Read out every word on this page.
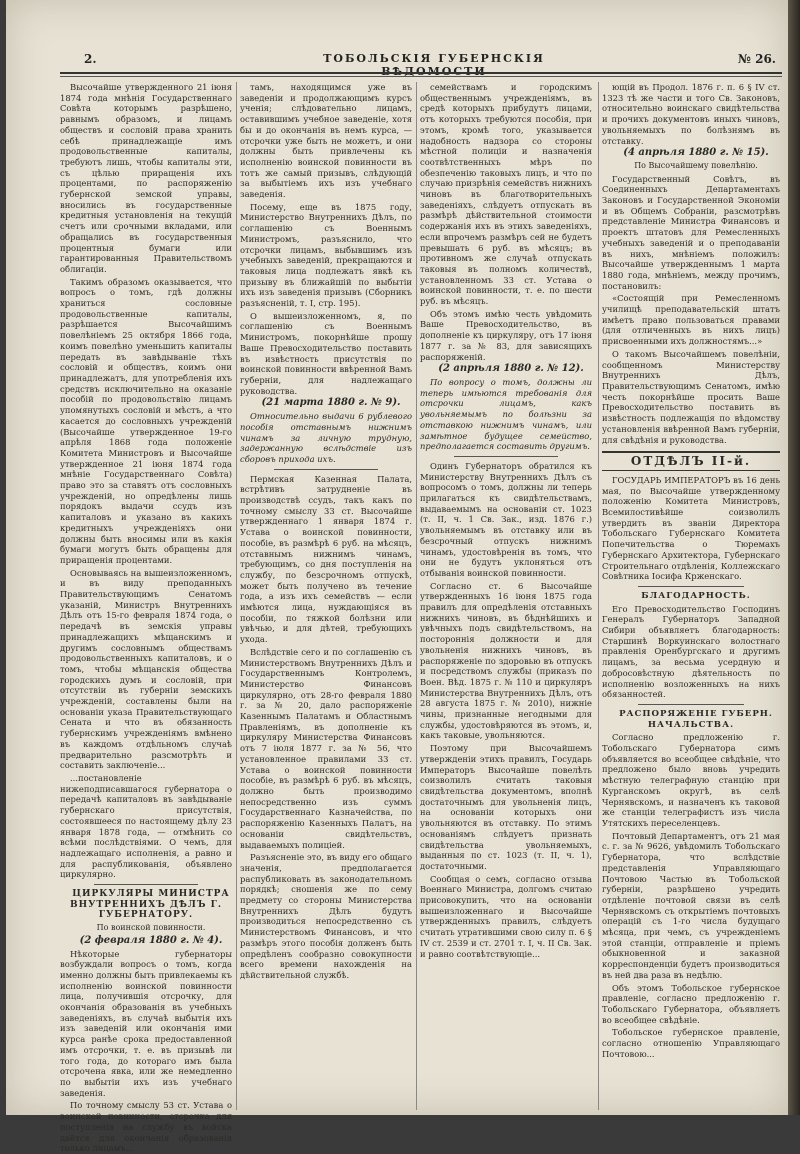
2.	ТОБОЛЬСКІЯ ГУБЕРНСКІЯ ВѢДОМОСТИ
№ 26.

Высочайше утвержденного 21 іюня 1874 года мнѣнія Государственнаго Совѣта которымъ разрѣшено, равнымъ образомъ, и лицамъ обществъ и сословій права хранить себѣ принадлежащіе имъ продовольственные капиталы, требуютъ лишь, чтобы капиталы эти, съ цѣлью приращенія ихъ процентами, по распоряженію губернской земской управы, вносились въ государственные кредитныя установленія на текущій счетъ или срочными вкладами, или обращались въ государственныя процентныя бумаги или гарантированныя Правительствомъ облигаціи.

Такимъ образомъ оказывается, что вопросъ о томъ, гдѣ должны храниться сословные продовольственные капиталы, разрѣшается Высочайшимъ повелѣніемъ 25 октября 1866 года, коимъ повелѣно уменьшить капиталы передать въ завѣдываніе тѣхъ сословій и обществъ, коимъ они принадлежатъ, для употребленія ихъ средствъ исключительно на оказаніе пособій по продовольствію лицамъ упомянутыхъ сословій и мѣстъ, а что касается до сословныхъ учрежденій (Высочайше утвержденное 19-го апрѣля 1868 года положеніе Комитета Министровъ и Высочайше утвержденное 21 іюня 1874 года мнѣніе Государственнаго Совѣта) право это за ставятъ отъ сословныхъ учрежденій, но опредѣлены лишь порядокъ выдачи ссудъ изъ капиталовъ и указано въ какихъ кредитныхъ учрежденіяхъ они должны быть вносимы или въ какія бумаги могутъ быть обращены для приращенія процентами.

Основываясь на вышеизложенномъ, и въ виду преподанныхъ Правительствующимъ Сенатомъ указаній, Министръ Внутреннихъ Дѣлъ отъ 15-го февраля 1874 года, о передачѣ въ земскія управы принадлежащихъ мѣщанскимъ и другимъ сословнымъ обществамъ продовольственныхъ капиталовъ, и о томъ, чтобы мѣщанскія общества городскихъ думъ и сословій, при отсутствіи въ губерніи земскихъ учрежденій, составлены были на основаніи указа Правительствующаго Сената и что въ обязанность губернскимъ учрежденіямъ вмѣнено въ каждомъ отдѣльномъ случаѣ предварительно разсмотрѣть и составить заключеніе...

...постановленіе нижеподписавшагося губернатора о передачѣ капиталовъ въ завѣдываніе губернскаго присутствія, состоявшееся по настоящему дѣлу 23 января 1878 года, — отмѣнить со всѣми послѣдствіями. О чемъ, для надлежащаго исполненія, а равно и для распубликованія, объявлено циркулярно.

ЦИРКУЛЯРЫ МИНИСТРА ВНУТРЕННИХЪ ДѢЛЪ Г. ГУБЕРНАТОРУ.

По воинской повинности.

(2 февраля 1880 г. № 4).

Нѣкоторые губернаторы возбуждали вопросъ о томъ, когда именно должны быть привлекаемы къ исполненію воинской повинности лица, получившія отсрочку, для окончанія образованія въ учебныхъ заведеніяхъ, въ случаѣ выбытія ихъ изъ заведеній или окончанія ими курса ранѣе срока предоставленной имъ отсрочки, т. е. въ призывѣ ли того года, до котораго имъ была отсрочена явка, или же немедленно по выбытіи ихъ изъ учебнаго заведенія.

По точному смыслу 53 ст. Устава о воинской повинности, отсрочка для поступленія на службу въ войска даётся для окончанія образованія только лицамъ...

тамъ, находящимся уже въ заведеніи и продолжающимъ курсъ ученія; слѣдовательно лицамъ, оставившимъ учебное заведеніе, хотя бы и до окончанія въ немъ курса, — отсрочки уже быть не можетъ, и они должны быть привлечены къ исполненію воинской повинности въ тотъ же самый призывъ, слѣдующій за выбытіемъ ихъ изъ учебнаго заведенія.

Посему, еще въ 1875 году, Министерство Внутреннихъ Дѣлъ, по соглашенію съ Военнымъ Министромъ, разъяснило, что отсрочки лицамъ, выбывшимъ изъ учебныхъ заведеній, прекращаются и таковыя лица подлежатъ явкѣ къ призыву въ ближайшій по выбытіи ихъ изъ заведенія призывъ (Сборникъ разъясненій, т. I, стр. 195).

О вышеизложенномъ, я, по соглашенію съ Военнымъ Министромъ, покорнѣйше прошу Ваше Превосходительство поставить въ извѣстность присутствія по воинской повинности ввѣренной Вамъ губерніи, для надлежащаго руководства.

(21 марта 1880 г. № 9).

Относительно выдачи 6 рублевого пособія отставнымъ нижнимъ чинамъ за личную трудную, задержанную вслѣдствіе изъ сборовъ прихода ихъ.

Пермская Казенная Палата, встрѣтивъ затрудненіе въ производствѣ ссудъ, такъ какъ по точному смыслу 33 ст. Высочайше утвержденнаго 1 января 1874 г. Устава о воинской повинности, пособіе, въ размѣрѣ 6 руб. на мѣсяцъ, отставнымъ нижнимъ чинамъ, требующимъ, со дня поступленія на службу, по безсрочномъ отпускѣ, может быть получено въ течение года, а изъ ихъ семействъ — если имѣются лица, нуждающіяся въ пособіи, по тяжкой болѣзни или увѣчью, и для дѣтей, требующихъ ухода.

Вслѣдствіе сего и по соглашенію съ Министерствомъ Внутреннихъ Дѣлъ и Государственнымъ Контролемъ, Министерство Финансовъ циркулярно, отъ 28-го февраля 1880 г. за № 20, дало распоряженіе Казеннымъ Палатамъ и Областнымъ Правленіямъ, въ дополненіе къ циркуляру Министерства Финансовъ отъ 7 іюля 1877 г. за № 56, что установленное правилами 33 ст. Устава о воинской повинности пособіе, въ размѣрѣ 6 руб. въ мѣсяцъ, должно быть производимо непосредственно изъ суммъ Государственнаго Казначейства, по распоряженію Казенныхъ Палатъ, на основаніи свидѣтельствъ, выдаваемыхъ полиціей.

Разъясненіе это, въ виду его общаго значенія, предполагается распубликовать въ законодательномъ порядкѣ; сношенія же по сему предмету со стороны Министерства Внутреннихъ Дѣлъ будутъ производиться непосредственно съ Министерствомъ Финансовъ, и что размѣръ этого пособія долженъ быть опредѣленъ сообразно совокупности всего времени нахожденія на дѣйствительной службѣ.

семействамъ и городскимъ общественнымъ учрежденіямъ, въ средѣ которыхъ прибудутъ лицами, отъ которыхъ требуются пособія, при этомъ, кромѣ того, указывается надобность надзора со стороны мѣстной полиціи и назначенія соотвѣтственныхъ мѣръ по обезпеченію таковыхъ лицъ, и что по случаю призрѣнія семействъ нижнихъ чиновъ въ благотворительныхъ заведеніяхъ, слѣдуетъ отпускать въ размѣрѣ дѣйствительной стоимости содержанія ихъ въ этихъ заведеніяхъ, если впрочемъ размѣръ сей не будетъ превышать 6 руб. въ мѣсяцъ; въ противномъ же случаѣ отпускать таковыя въ полномъ количествѣ, установленномъ 33 ст. Устава о воинской повинности, т. е. по шести руб. въ мѣсяцъ.

Объ этомъ имѣю честь увѣдомить Ваше Превосходительство, въ дополненіе къ циркуляру, отъ 17 іюня 1877 г. за № 83, для зависящихъ распоряженій.

(2 апрѣля 1880 г. № 12).

По вопросу о томъ, должны ли теперь имѣются требованія для отсрочки лицамъ, какъ увольняемымъ по болѣзни за отставкою нижнимъ чинамъ, или замѣтное будущее семейство, предполагается составить другимъ.

Одинъ Губернаторъ обратился къ Министерству Внутреннихъ Дѣлъ съ вопросомъ о томъ, должны ли теперь прилагаться къ свидѣтельствамъ, выдаваемымъ на основаніи ст. 1023 (т. II, ч. 1 Св. Зак., изд. 1876 г.) увольняемымъ въ отставку или въ безсрочный отпускъ нижнимъ чинамъ, удостовѣренія въ томъ, что они не будутъ уклоняться отъ отбыванія воинской повинности.

Согласно ст. 6 Высочайше утвержденныхъ 16 іюня 1875 года правилъ для опредѣленія отставныхъ нижнихъ чиновъ, въ бѣднѣйшихъ и увѣчныхъ подъ свидѣтельствомъ, на постороннія должности и для увольненія нижнихъ чиновъ, въ распоряженіе по здоровью въ отпускъ и посредствомъ службы (приказъ по Воен. Вѣд. 1875 г. № 110 и циркуляръ Министерства Внутреннихъ Дѣлъ, отъ 28 августа 1875 г. № 2010), нижніе чины, признанные негодными для службы, удостовѣряются въ этомъ, и, какъ таковые, увольняются.

Поэтому при Высочайшемъ утвержденіи этихъ правилъ, Государь Императоръ Высочайше повелѣть соизволилъ считать таковыя свидѣтельства документомъ, вполнѣ достаточнымъ для увольненія лицъ, на основаніи которыхъ они увольняются въ отставку. По этимъ основаніямъ слѣдуетъ признать свидѣтельства увольняемыхъ, выданныя по ст. 1023 (т. II, ч. 1), достаточными.

Сообщая о семъ, согласно отзыва Военнаго Министра, долгомъ считаю присовокупить, что на основаніи вышеизложеннаго и Высочайше утвержденныхъ правилъ, слѣдуетъ считать утратившими свою силу п. 6 § IV ст. 2539 и ст. 2701 т. I, ч. II Св. Зак. и равно соотвѣтствующіе...

ющій въ Продол. 1876 г. п. 6 § IV ст. 1323 тѣ же части и того Св. Законовъ, относительно воинскаго свидѣтельства и прочихъ документовъ иныхъ чиновъ, увольняемыхъ по болѣзнямъ въ отставку.

(4 апрѣля 1880 г. № 15).

По Высочайшему повелѣнію.

Государственный Совѣтъ, въ Соединенныхъ Департаментахъ Законовъ и Государственной Экономіи и въ Общемъ Собраніи, разсмотрѣвъ представленіе Министра Финансовъ и проектъ штатовъ для Ремесленныхъ учебныхъ заведеній и о преподаваніи въ нихъ, мнѣніемъ положилъ: Высочайше утвержденнымъ 1 марта 1880 года, мнѣніемъ, между прочимъ, постановилъ:

«Состоящій при Ремесленномъ училищѣ преподавательскій штатъ имѣетъ право пользоваться правами (для отличенныхъ въ нихъ лицъ) присвоенными ихъ должностямъ...»

О такомъ Высочайшемъ повелѣніи, сообщенномъ Министерству Внутреннихъ Дѣлъ, Правительствующимъ Сенатомъ, имѣю честь покорнѣйше просить Ваше Превосходительство поставить въ извѣстность подлежащія по вѣдомству установленія ввѣренной Вамъ губерніи, для свѣдѣнія и руководства.

ОТДѢЛЪ II-й.

ГОСУДАРЬ ИМПЕРАТОРЪ въ 16 день мая, по Высочайше утвержденному положенію Комитета Министровъ, Всемилостивѣйше соизволилъ утвердить въ званіи Директора Тобольскаго Губернскаго Комитета Попечительства о Тюремахъ Губернскаго Архитектора, Губернскаго Строительнаго отдѣленія, Коллежскаго Совѣтника Іосифа Крженскаго.

БЛАГОДАРНОСТЬ.

Его Превосходительство Господинъ Генералъ Губернаторъ Западной Сибири объявляетъ благодарность: Старшинѣ Воркуинскаго волостнаго правленія Оренбургскаго и другимъ лицамъ, за весьма усердную и добросовѣстную дѣятельность по исполненію возложенныхъ на нихъ обязанностей.

РАСПОРЯЖЕНІЕ ГУБЕРН. НАЧАЛЬСТВА.

Согласно предложенію г. Тобольскаго Губернатора симъ объявляется во всеобщее свѣдѣніе, что предложено было вновь учредить мѣстную телеграфную станцію при Курганскомъ округѣ, въ селѣ Чернявскомъ, и назначенъ къ таковой же станціи телеграфистъ изъ числа Утятскихъ переселенцевъ.

Почтовый Департаментъ, отъ 21 мая с. г. за № 9626, увѣдомилъ Тобольскаго Губернатора, что вслѣдствіе представленія Управляющаго Почтовою Частью въ Тобольской губерніи, разрѣшено учредить отдѣленіе почтовой связи въ селѣ Чернявскомъ съ открытіемъ почтовыхъ операцій съ 1-го числа будущаго мѣсяца, при чемъ, съ учрежденіемъ этой станціи, отправленіе и пріемъ обыкновенной и заказной корреспонденціи будетъ производиться въ ней два раза въ недѣлю.

Объ этомъ Тобольское губернское правленіе, согласно предложенію г. Тобольскаго Губернатора, объявляетъ во всеобщее свѣдѣніе.

Тобольское губернское правленіе, согласно отношенію Управляющаго Почтовою...
